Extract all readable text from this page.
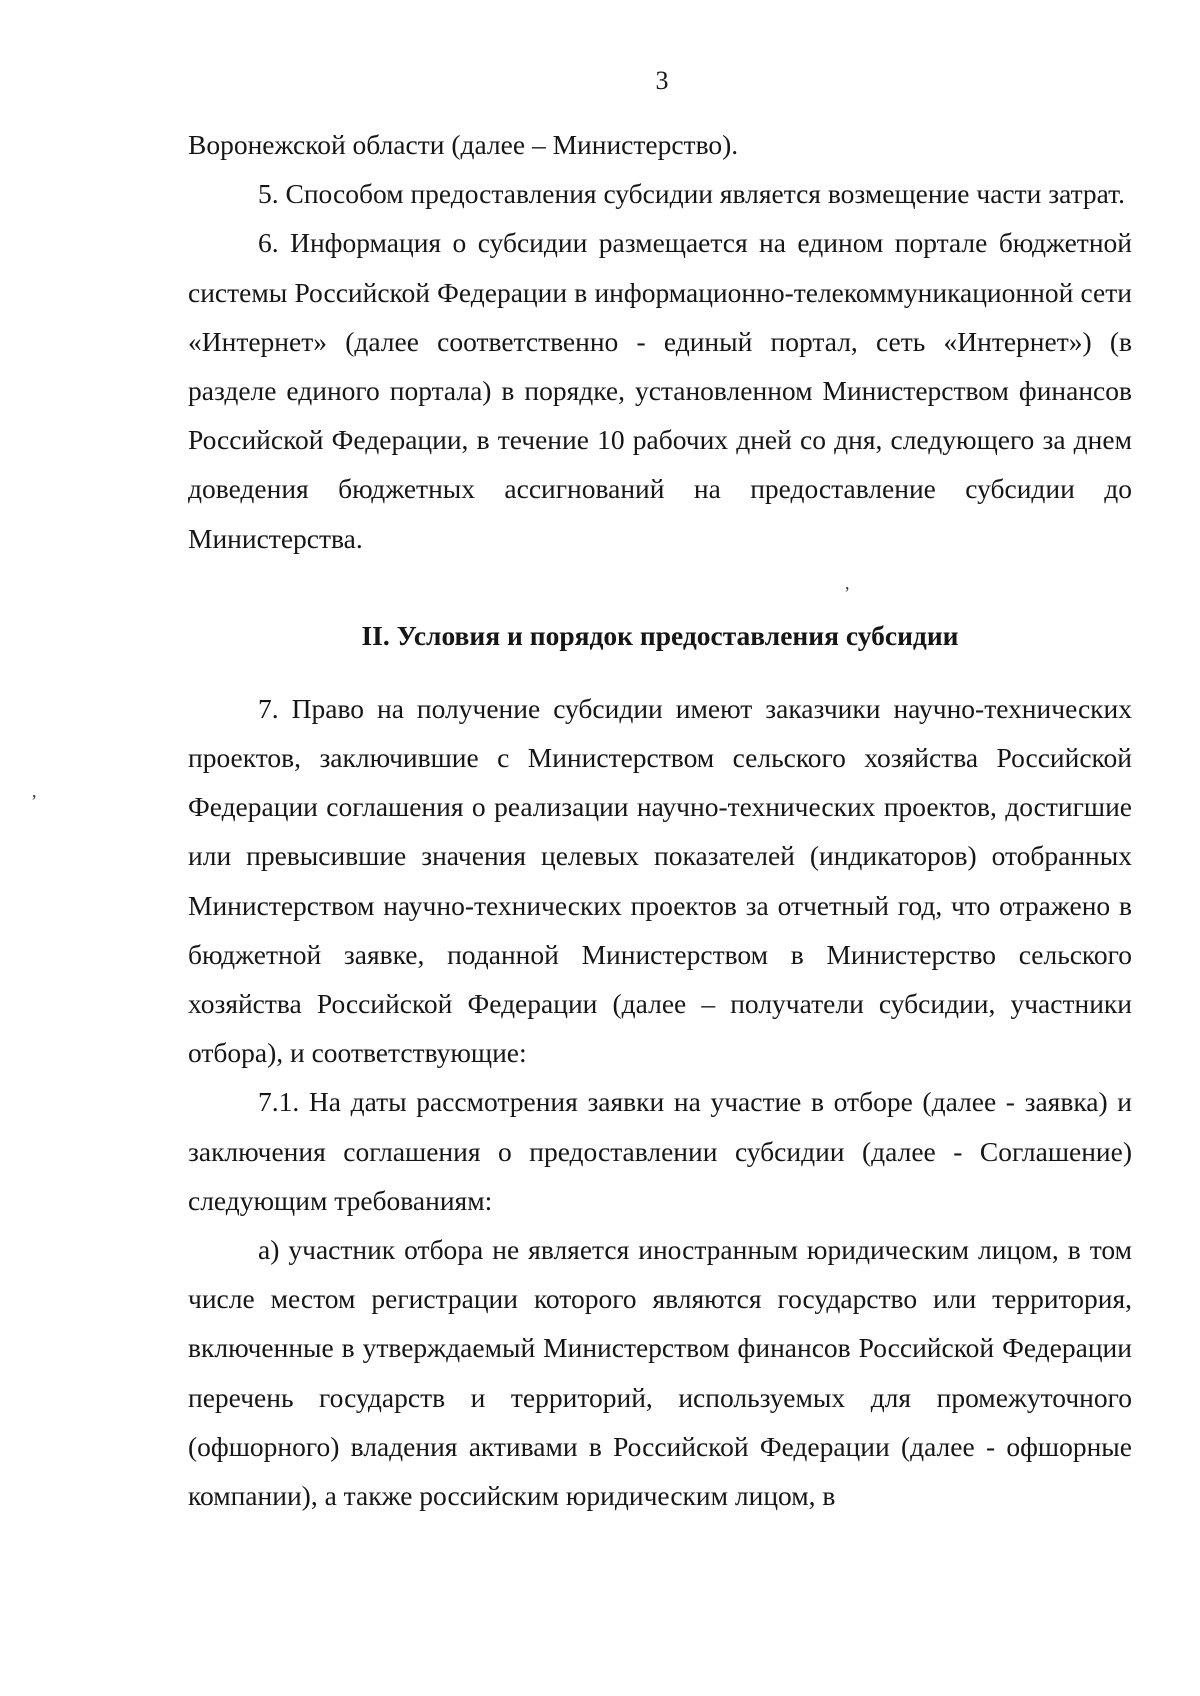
3

Воронежской области (далее – Министерство).

5. Способом предоставления субсидии является возмещение части затрат.

6. Информация о субсидии размещается на едином портале бюджетной системы Российской Федерации в информационно-телекоммуникационной сети «Интернет» (далее соответственно - единый портал, сеть «Интернет») (в разделе единого портала) в порядке, установленном Министерством финансов Российской Федерации, в течение 10 рабочих дней со дня, следующего за днем доведения бюджетных ассигнований на предоставление субсидии до Министерства.

II. Условия и порядок предоставления субсидии

7. Право на получение субсидии имеют заказчики научно-технических проектов, заключившие с Министерством сельского хозяйства Российской Федерации соглашения о реализации научно-технических проектов, достигшие или превысившие значения целевых показателей (индикаторов) отобранных Министерством научно-технических проектов за отчетный год, что отражено в бюджетной заявке, поданной Министерством в Министерство сельского хозяйства Российской Федерации (далее – получатели субсидии, участники отбора), и соответствующие:

7.1. На даты рассмотрения заявки на участие в отборе (далее - заявка) и заключения соглашения о предоставлении субсидии (далее - Соглашение) следующим требованиям:

а) участник отбора не является иностранным юридическим лицом, в том числе местом регистрации которого являются государство или территория, включенные в утверждаемый Министерством финансов Российской Федерации перечень государств и территорий, используемых для промежуточного (офшорного) владения активами в Российской Федерации (далее - офшорные компании), а также российским юридическим лицом, в

,
,
